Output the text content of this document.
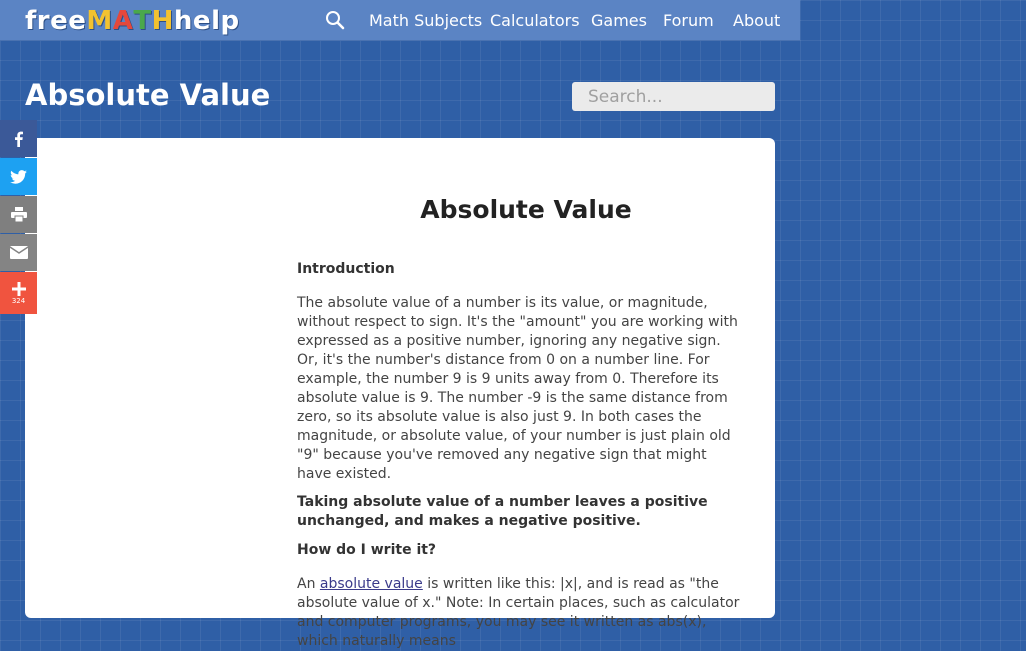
free M A T H help	Math Subjects Calculators Games Forum About
Absolute Value
Search...
324
Absolute Value
Introduction

The absolute value of a number is its value, or magnitude, without respect to sign. It's the "amount" you are working with expressed as a positive number, ignoring any negative sign. Or, it's the number's distance from 0 on a number line. For example, the number 9 is 9 units away from 0. Therefore its absolute value is 9. The number -9 is the same distance from zero, so its absolute value is also just 9. In both cases the magnitude, or absolute value, of your number is just plain old "9" because you've removed any negative sign that might have existed.

Taking absolute value of a number leaves a positive unchanged, and makes a negative positive.

How do I write it?

An absolute value is written like this: |x|, and is read as "the absolute value of x." Note: In certain places, such as calculator and computer programs, you may see it written as abs(x), which naturally means
